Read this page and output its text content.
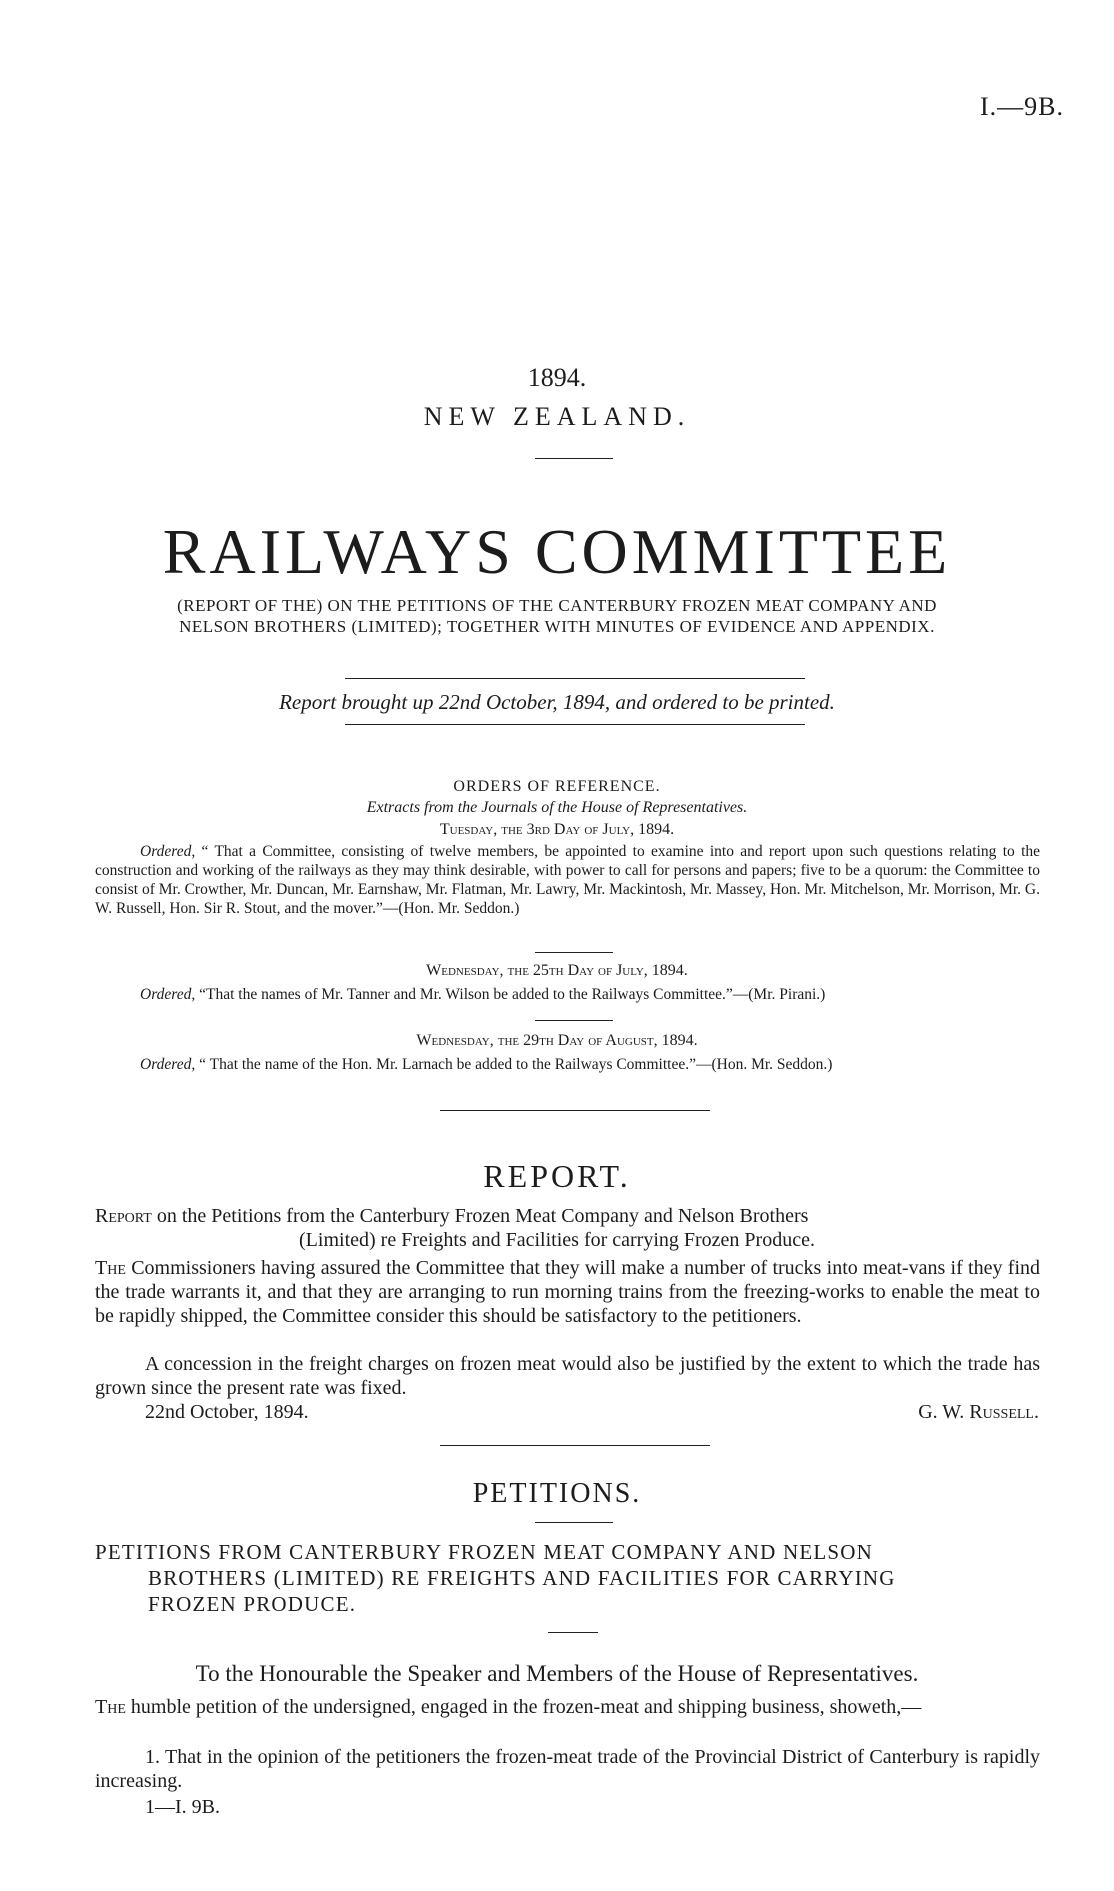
I.—9B.
1894.
NEW ZEALAND.
RAILWAYS COMMITTEE
(REPORT OF THE) ON THE PETITIONS OF THE CANTERBURY FROZEN MEAT COMPANY AND
NELSON BROTHERS (LIMITED); TOGETHER WITH MINUTES OF EVIDENCE AND APPENDIX.
Report brought up 22nd October, 1894, and ordered to be printed.
ORDERS OF REFERENCE.
Extracts from the Journals of the House of Representatives.
Tuesday, the 3rd Day of July, 1894.
Ordered, “ That a Committee, consisting of twelve members, be appointed to examine into and report upon such questions relating to the construction and working of the railways as they may think desirable, with power to call for persons and papers; five to be a quorum: the Committee to consist of Mr. Crowther, Mr. Duncan, Mr. Earnshaw, Mr. Flatman, Mr. Lawry, Mr. Mackintosh, Mr. Massey, Hon. Mr. Mitchelson, Mr. Morrison, Mr. G. W. Russell, Hon. Sir R. Stout, and the mover.”—(Hon. Mr. Seddon.)
Wednesday, the 25th Day of July, 1894.
Ordered, “That the names of Mr. Tanner and Mr. Wilson be added to the Railways Committee.”—(Mr. Pirani.)
Wednesday, the 29th Day of August, 1894.
Ordered, “ That the name of the Hon. Mr. Larnach be added to the Railways Committee.”—(Hon. Mr. Seddon.)
REPORT.
Report on the Petitions from the Canterbury Frozen Meat Company and Nelson Brothers
(Limited) re Freights and Facilities for carrying Frozen Produce.
The Commissioners having assured the Committee that they will make a number of trucks into meat-vans if they find the trade warrants it, and that they are arranging to run morning trains from the freezing-works to enable the meat to be rapidly shipped, the Committee consider this should be satisfactory to the petitioners.
A concession in the freight charges on frozen meat would also be justified by the extent to which the trade has grown since the present rate was fixed.
22nd October, 1894.	G. W. Russell.
PETITIONS.
PETITIONS FROM CANTERBURY FROZEN MEAT COMPANY AND NELSON
BROTHERS (LIMITED) RE FREIGHTS AND FACILITIES FOR CARRYING
FROZEN PRODUCE.
To the Honourable the Speaker and Members of the House of Representatives.
The humble petition of the undersigned, engaged in the frozen-meat and shipping business, showeth,—
1. That in the opinion of the petitioners the frozen-meat trade of the Provincial District of Canterbury is rapidly increasing.
1—I. 9B.
